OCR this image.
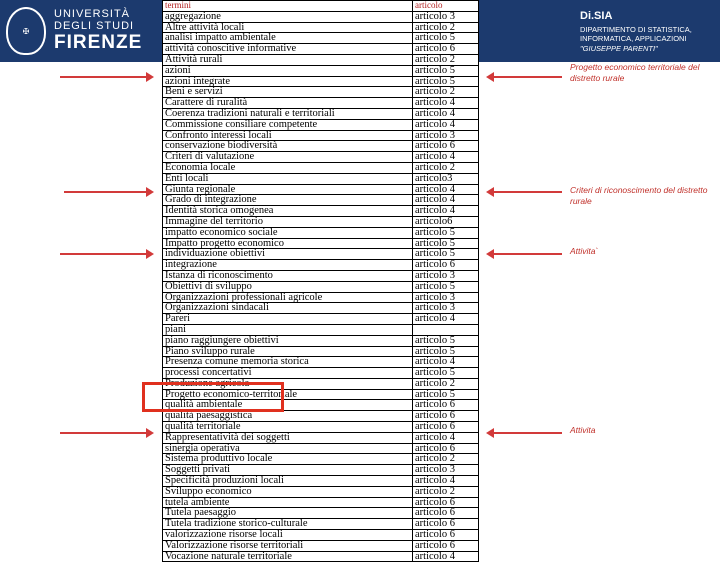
✠
UNIVERSITÀ
DEGLI STUDI
FIRENZE
Di.SIA
DIPARTIMENTO DI STATISTICA,
INFORMATICA, APPLICAZIONI
"GIUSEPPE PARENTI"
termini	articolo
aggregazione	articolo 3
Altre attività locali	articolo 2
analisi impatto ambientale	articolo 5
attività conoscitive informative	articolo 6
Attività rurali	articolo 2
azioni	articolo 5
azioni integrate	articolo 5
Beni e servizi	articolo 2
Carattere di ruralità	articolo 4
Coerenza tradizioni naturali e territoriali	articolo 4
Commissione consiliare competente	articolo 4
Confronto interessi locali	articolo 3
conservazione biodiversità	articolo 6
Criteri di valutazione	articolo 4
Economia locale	articolo 2
Enti locali	articolo3
Giunta regionale	articolo 4
Grado di integrazione	articolo 4
Identità storica omogenea	articolo 4
Immagine del territorio	articolo6
impatto economico sociale	articolo 5
Impatto progetto economico	articolo 5
individuazione obiettivi	articolo 5
integrazione	articolo 6
Istanza di riconoscimento	articolo 3
Obiettivi di sviluppo	articolo 5
Organizzazioni professionali agricole	articolo 3
Organizzazioni sindacali	articolo 3
Pareri	articolo 4
piani	
piano raggiungere obiettivi	articolo 5
Piano sviluppo rurale	articolo 5
Presenza comune memoria storica	articolo 4
processi concertativi	articolo 5
Produzione agricola	articolo 2
Progetto economico-territoriale	articolo 5
qualità ambientale	articolo 6
qualità paesaggistica	articolo 6
qualità territoriale	articolo 6
Rappresentatività dei soggetti	articolo 4
sinergia operativa	articolo 6
Sistema produttivo locale	articolo 2
Soggetti privati	articolo 3
Specificità produzioni locali	articolo 4
Sviluppo economico	articolo 2
tutela ambiente	articolo 6
Tutela paesaggio	articolo 6
Tutela tradizione storico-culturale	articolo 6
valorizzazione risorse locali	articolo 6
Valorizzazione risorse territoriali	articolo 6
Vocazione naturale territoriale	articolo 4
Progetto economico territoriale del distretto rurale
Criteri di riconoscimento del distretto rurale
Attivita`
Attivita
